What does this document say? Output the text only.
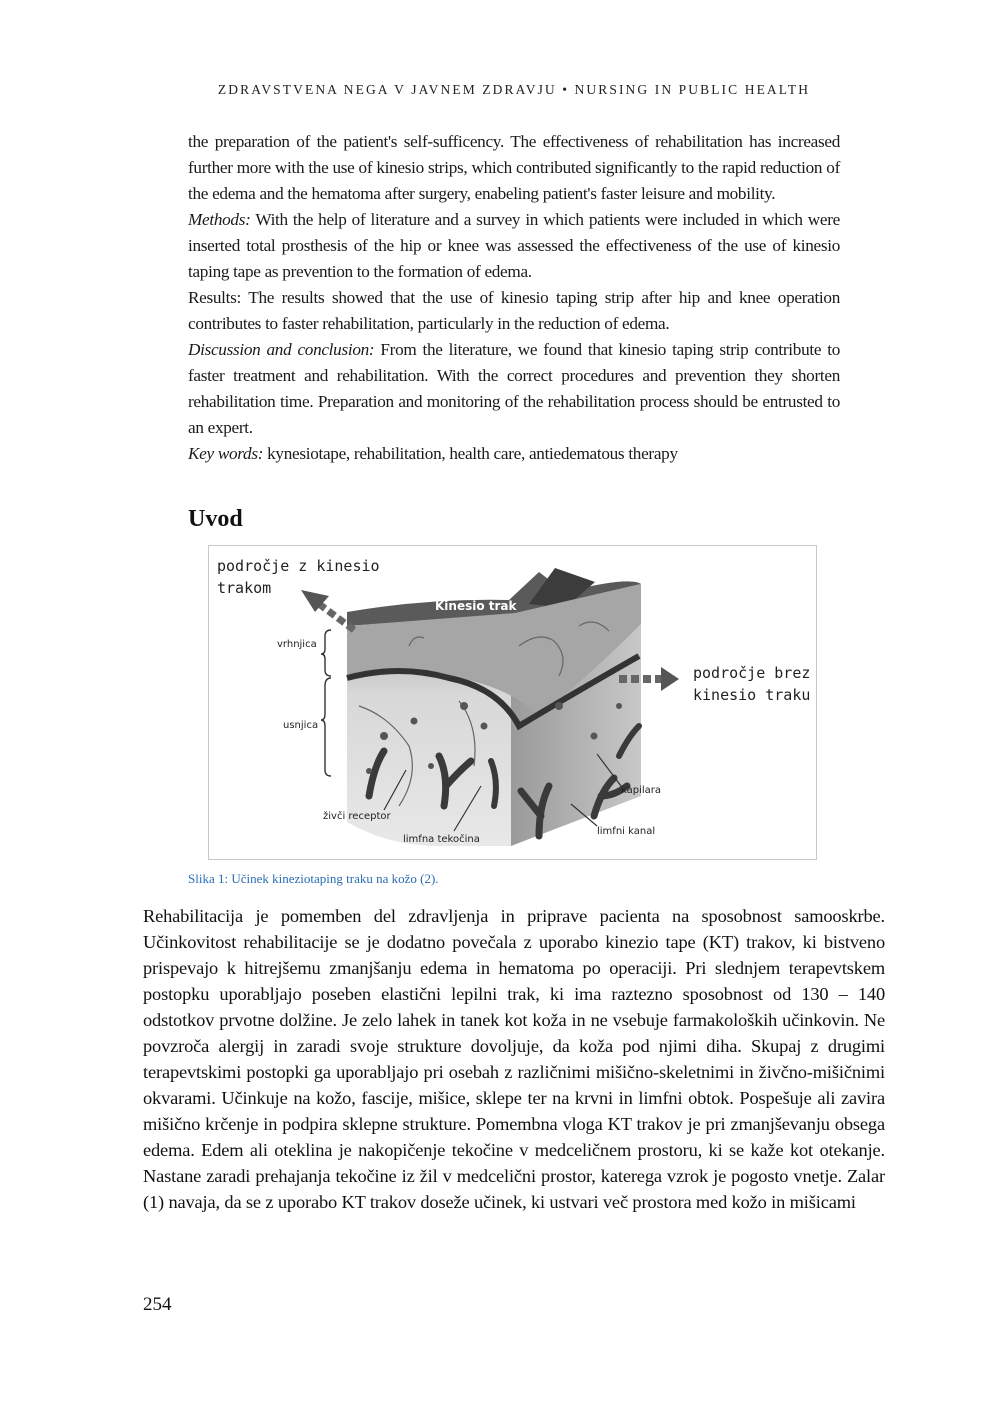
ZDRAVSTVENA NEGA V JAVNEM ZDRAVJU • NURSING IN PUBLIC HEALTH

the preparation of the patient's self-sufficency. The effectiveness of rehabilitation has increased further more with the use of kinesio strips, which contributed significantly to the rapid reduction of the edema and the hematoma after surgery, enabeling patient's faster leisure and mobility.

Methods: With the help of literature and a survey in which patients were included in which were inserted total prosthesis of the hip or knee was assessed the effectiveness of the use of kinesio taping tape as prevention to the formation of edema.

Results: The results showed that the use of kinesio taping strip after hip and knee operation contributes to faster rehabilitation, particularly in the reduction of edema.

Discussion and conclusion: From the literature, we found that kinesio taping strip contribute to faster treatment and rehabilitation. With the correct procedures and prevention they shorten rehabilitation time. Preparation and monitoring of the rehabilitation process should be entrusted to an expert.

Key words: kynesiotape, rehabilitation, health care, antiedematous therapy

Uvod
področje z kinesio
trakom
področje brez
kinesio traku
Kinesio trak
vrhnjica
usnjica
živči receptor
limfna tekočina
kapilara
limfni kanal
Slika 1: Učinek kineziotaping traku na kožo (2).

Rehabilitacija je pomemben del zdravljenja in priprave pacienta na sposobnost samooskrbe. Učinkovitost rehabilitacije se je dodatno povečala z uporabo kinezio tape (KT) trakov, ki bistveno prispevajo k hitrejšemu zmanjšanju edema in hematoma po operaciji. Pri slednjem terapevtskem postopku uporabljajo poseben elastični lepilni trak, ki ima raztezno sposobnost od 130 – 140 odstotkov prvotne dolžine. Je zelo lahek in tanek kot koža in ne vsebuje farmakoloških učinkovin. Ne povzroča alergij in zaradi svoje strukture dovoljuje, da koža pod njimi diha. Skupaj z drugimi terapevtskimi postopki ga uporabljajo pri osebah z različnimi mišično-skeletnimi in živčno-mišičnimi okvarami. Učinkuje na kožo, fascije, mišice, sklepe ter na krvni in limfni obtok. Pospešuje ali zavira mišično krčenje in podpira sklepne strukture. Pomembna vloga KT trakov je pri zmanjševanju obsega edema. Edem ali oteklina je nakopičenje tekočine v medceličnem prostoru, ki se kaže kot otekanje. Nastane zaradi prehajanja tekočine iz žil v medcelični prostor, katerega vzrok je pogosto vnetje. Zalar (1) navaja, da se z uporabo KT trakov doseže učinek, ki ustvari več prostora med kožo in mišicami

254
